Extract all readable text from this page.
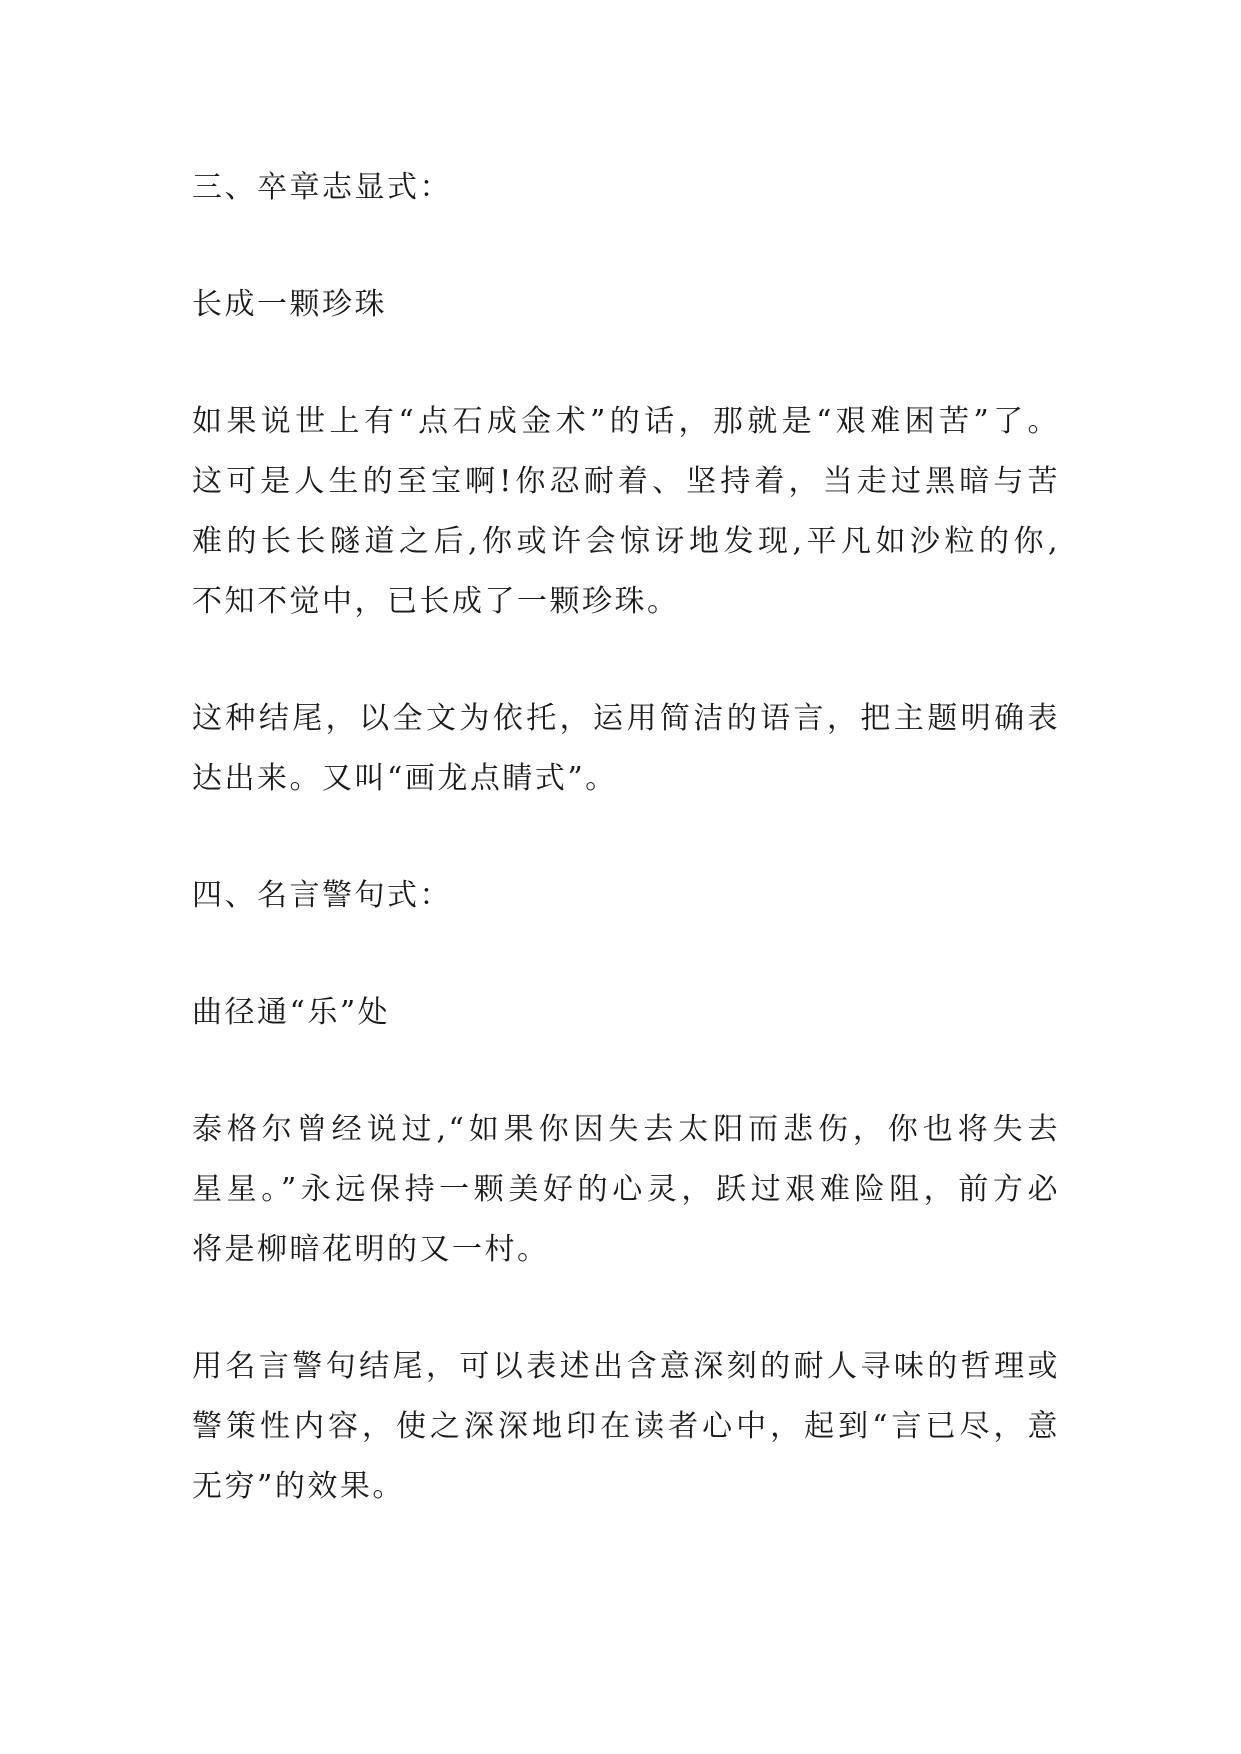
三、卒章志显式：

长成一颗珍珠

如果说世上有“点石成金术”的话，那就是“艰难困苦”了。

这可是人生的至宝啊!你忍耐着、坚持着，当走过黑暗与苦

难的长长隧道之后,你或许会惊讶地发现,平凡如沙粒的你,

不知不觉中，已长成了一颗珍珠。

这种结尾，以全文为依托，运用简洁的语言，把主题明确表

达出来。又叫“画龙点睛式”。

四、名言警句式：

曲径通“乐”处

泰格尔曾经说过,“如果你因失去太阳而悲伤，你也将失去

星星。”永远保持一颗美好的心灵，跃过艰难险阻，前方必

将是柳暗花明的又一村。

用名言警句结尾，可以表述出含意深刻的耐人寻味的哲理或

警策性内容，使之深深地印在读者心中，起到“言已尽，意

无穷”的效果。
